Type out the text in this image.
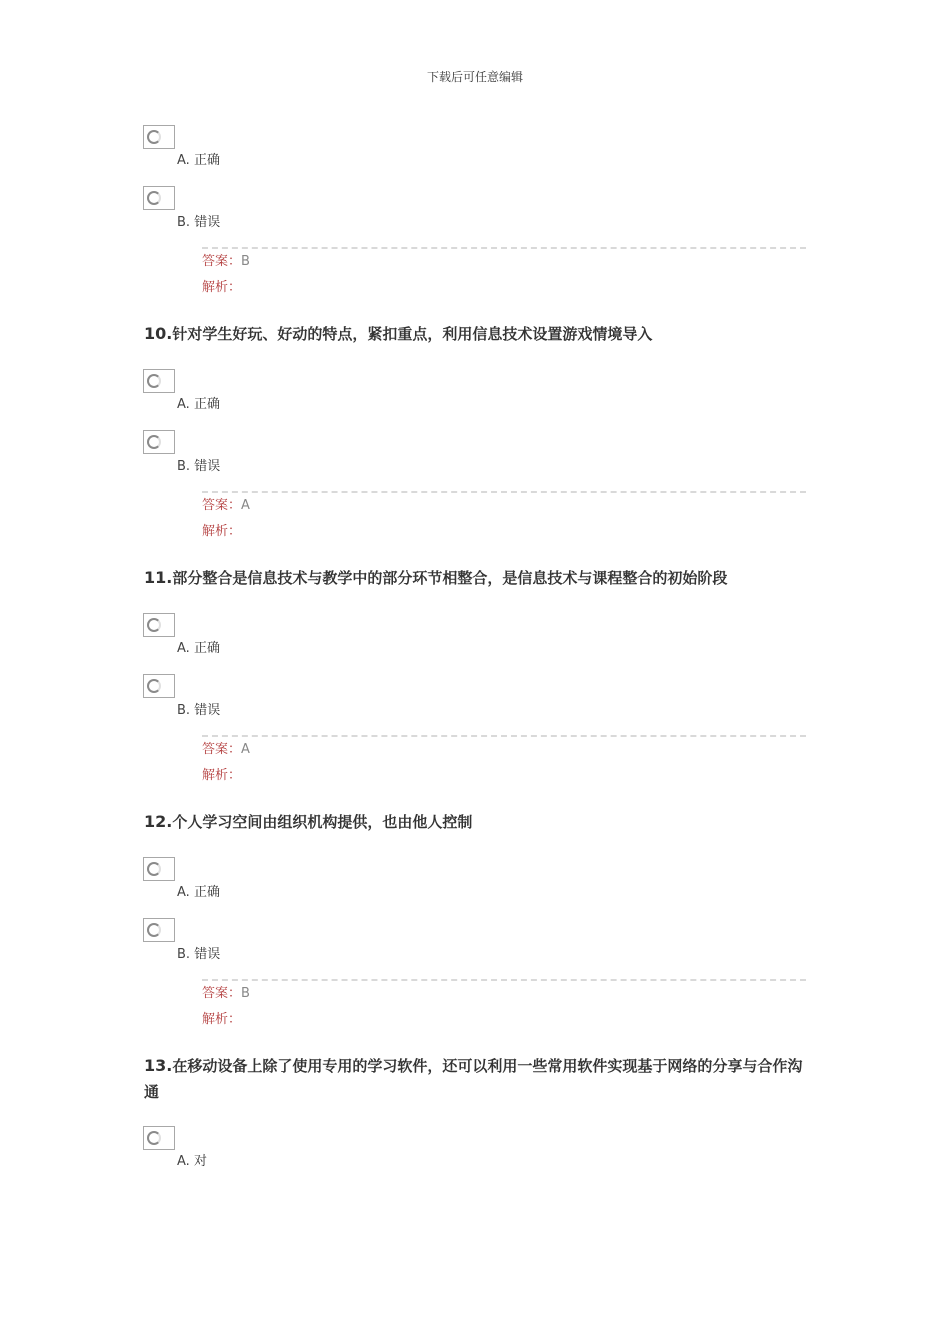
下载后可任意编辑
A. 正确
B. 错误
答案：B
解析：
10.针对学生好玩、好动的特点，紧扣重点，利用信息技术设置游戏情境导入
A. 正确
B. 错误
答案：A
解析：
11.部分整合是信息技术与教学中的部分环节相整合，是信息技术与课程整合的初始阶段
A. 正确
B. 错误
答案：A
解析：
12.个人学习空间由组织机构提供，也由他人控制
A. 正确
B. 错误
答案：B
解析：
13.在移动设备上除了使用专用的学习软件，还可以利用一些常用软件实现基于网络的分享与合作沟通
A. 对
